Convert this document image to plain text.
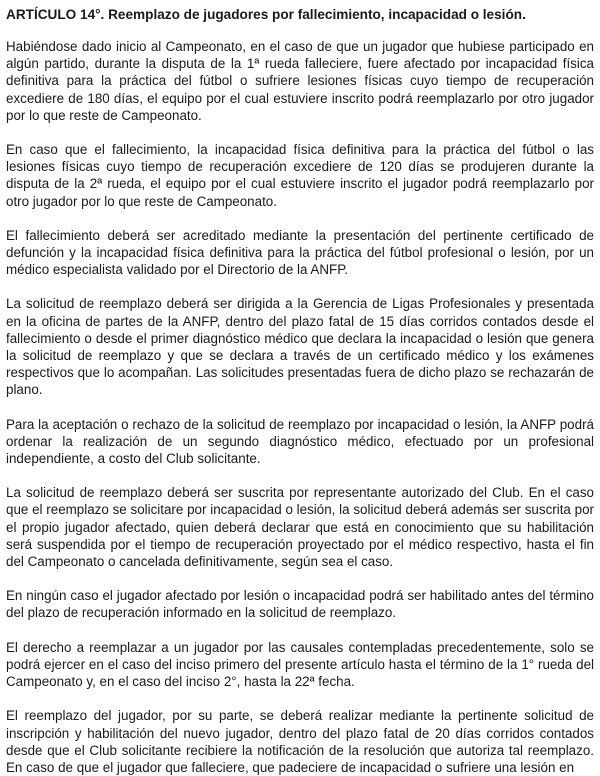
ARTÍCULO 14°. Reemplazo de jugadores por fallecimiento, incapacidad o lesión.

Habiéndose dado inicio al Campeonato, en el caso de que un jugador que hubiese participado en algún partido, durante la disputa de la 1ª rueda falleciere, fuere afectado por incapacidad física definitiva para la práctica del fútbol o sufriere lesiones físicas cuyo tiempo de recuperación excediere de 180 días, el equipo por el cual estuviere inscrito podrá reemplazarlo por otro jugador por lo que reste de Campeonato.

En caso que el fallecimiento, la incapacidad física definitiva para la práctica del fútbol o las lesiones físicas cuyo tiempo de recuperación excediere de 120 días se produjeren durante la disputa de la 2ª rueda, el equipo por el cual estuviere inscrito el jugador podrá reemplazarlo por otro jugador por lo que reste de Campeonato.

El fallecimiento deberá ser acreditado mediante la presentación del pertinente certificado de defunción y la incapacidad física definitiva para la práctica del fútbol profesional o lesión, por un médico especialista validado por el Directorio de la ANFP.

La solicitud de reemplazo deberá ser dirigida a la Gerencia de Ligas Profesionales y presentada en la oficina de partes de la ANFP, dentro del plazo fatal de 15 días corridos contados desde el fallecimiento o desde el primer diagnóstico médico que declara la incapacidad o lesión que genera la solicitud de reemplazo y que se declara a través de un certificado médico y los exámenes respectivos que lo acompañan. Las solicitudes presentadas fuera de dicho plazo se rechazarán de plano.

Para la aceptación o rechazo de la solicitud de reemplazo por incapacidad o lesión, la ANFP podrá ordenar la realización de un segundo diagnóstico médico, efectuado por un profesional independiente, a costo del Club solicitante.

La solicitud de reemplazo deberá ser suscrita por representante autorizado del Club. En el caso que el reemplazo se solicitare por incapacidad o lesión, la solicitud deberá además ser suscrita por el propio jugador afectado, quien deberá declarar que está en conocimiento que su habilitación será suspendida por el tiempo de recuperación proyectado por el médico respectivo, hasta el fin del Campeonato o cancelada definitivamente, según sea el caso.

En ningún caso el jugador afectado por lesión o incapacidad podrá ser habilitado antes del término del plazo de recuperación informado en la solicitud de reemplazo.

El derecho a reemplazar a un jugador por las causales contempladas precedentemente, solo se podrá ejercer en el caso del inciso primero del presente artículo hasta el término de la 1° rueda del Campeonato y, en el caso del inciso 2°, hasta la 22ª fecha.

El reemplazo del jugador, por su parte, se deberá realizar mediante la pertinente solicitud de inscripción y habilitación del nuevo jugador, dentro del plazo fatal de 20 días corridos contados desde que el Club solicitante recibiere la notificación de la resolución que autoriza tal reemplazo. En caso de que el jugador que falleciere, que padeciere de incapacidad o sufriere una lesión en
